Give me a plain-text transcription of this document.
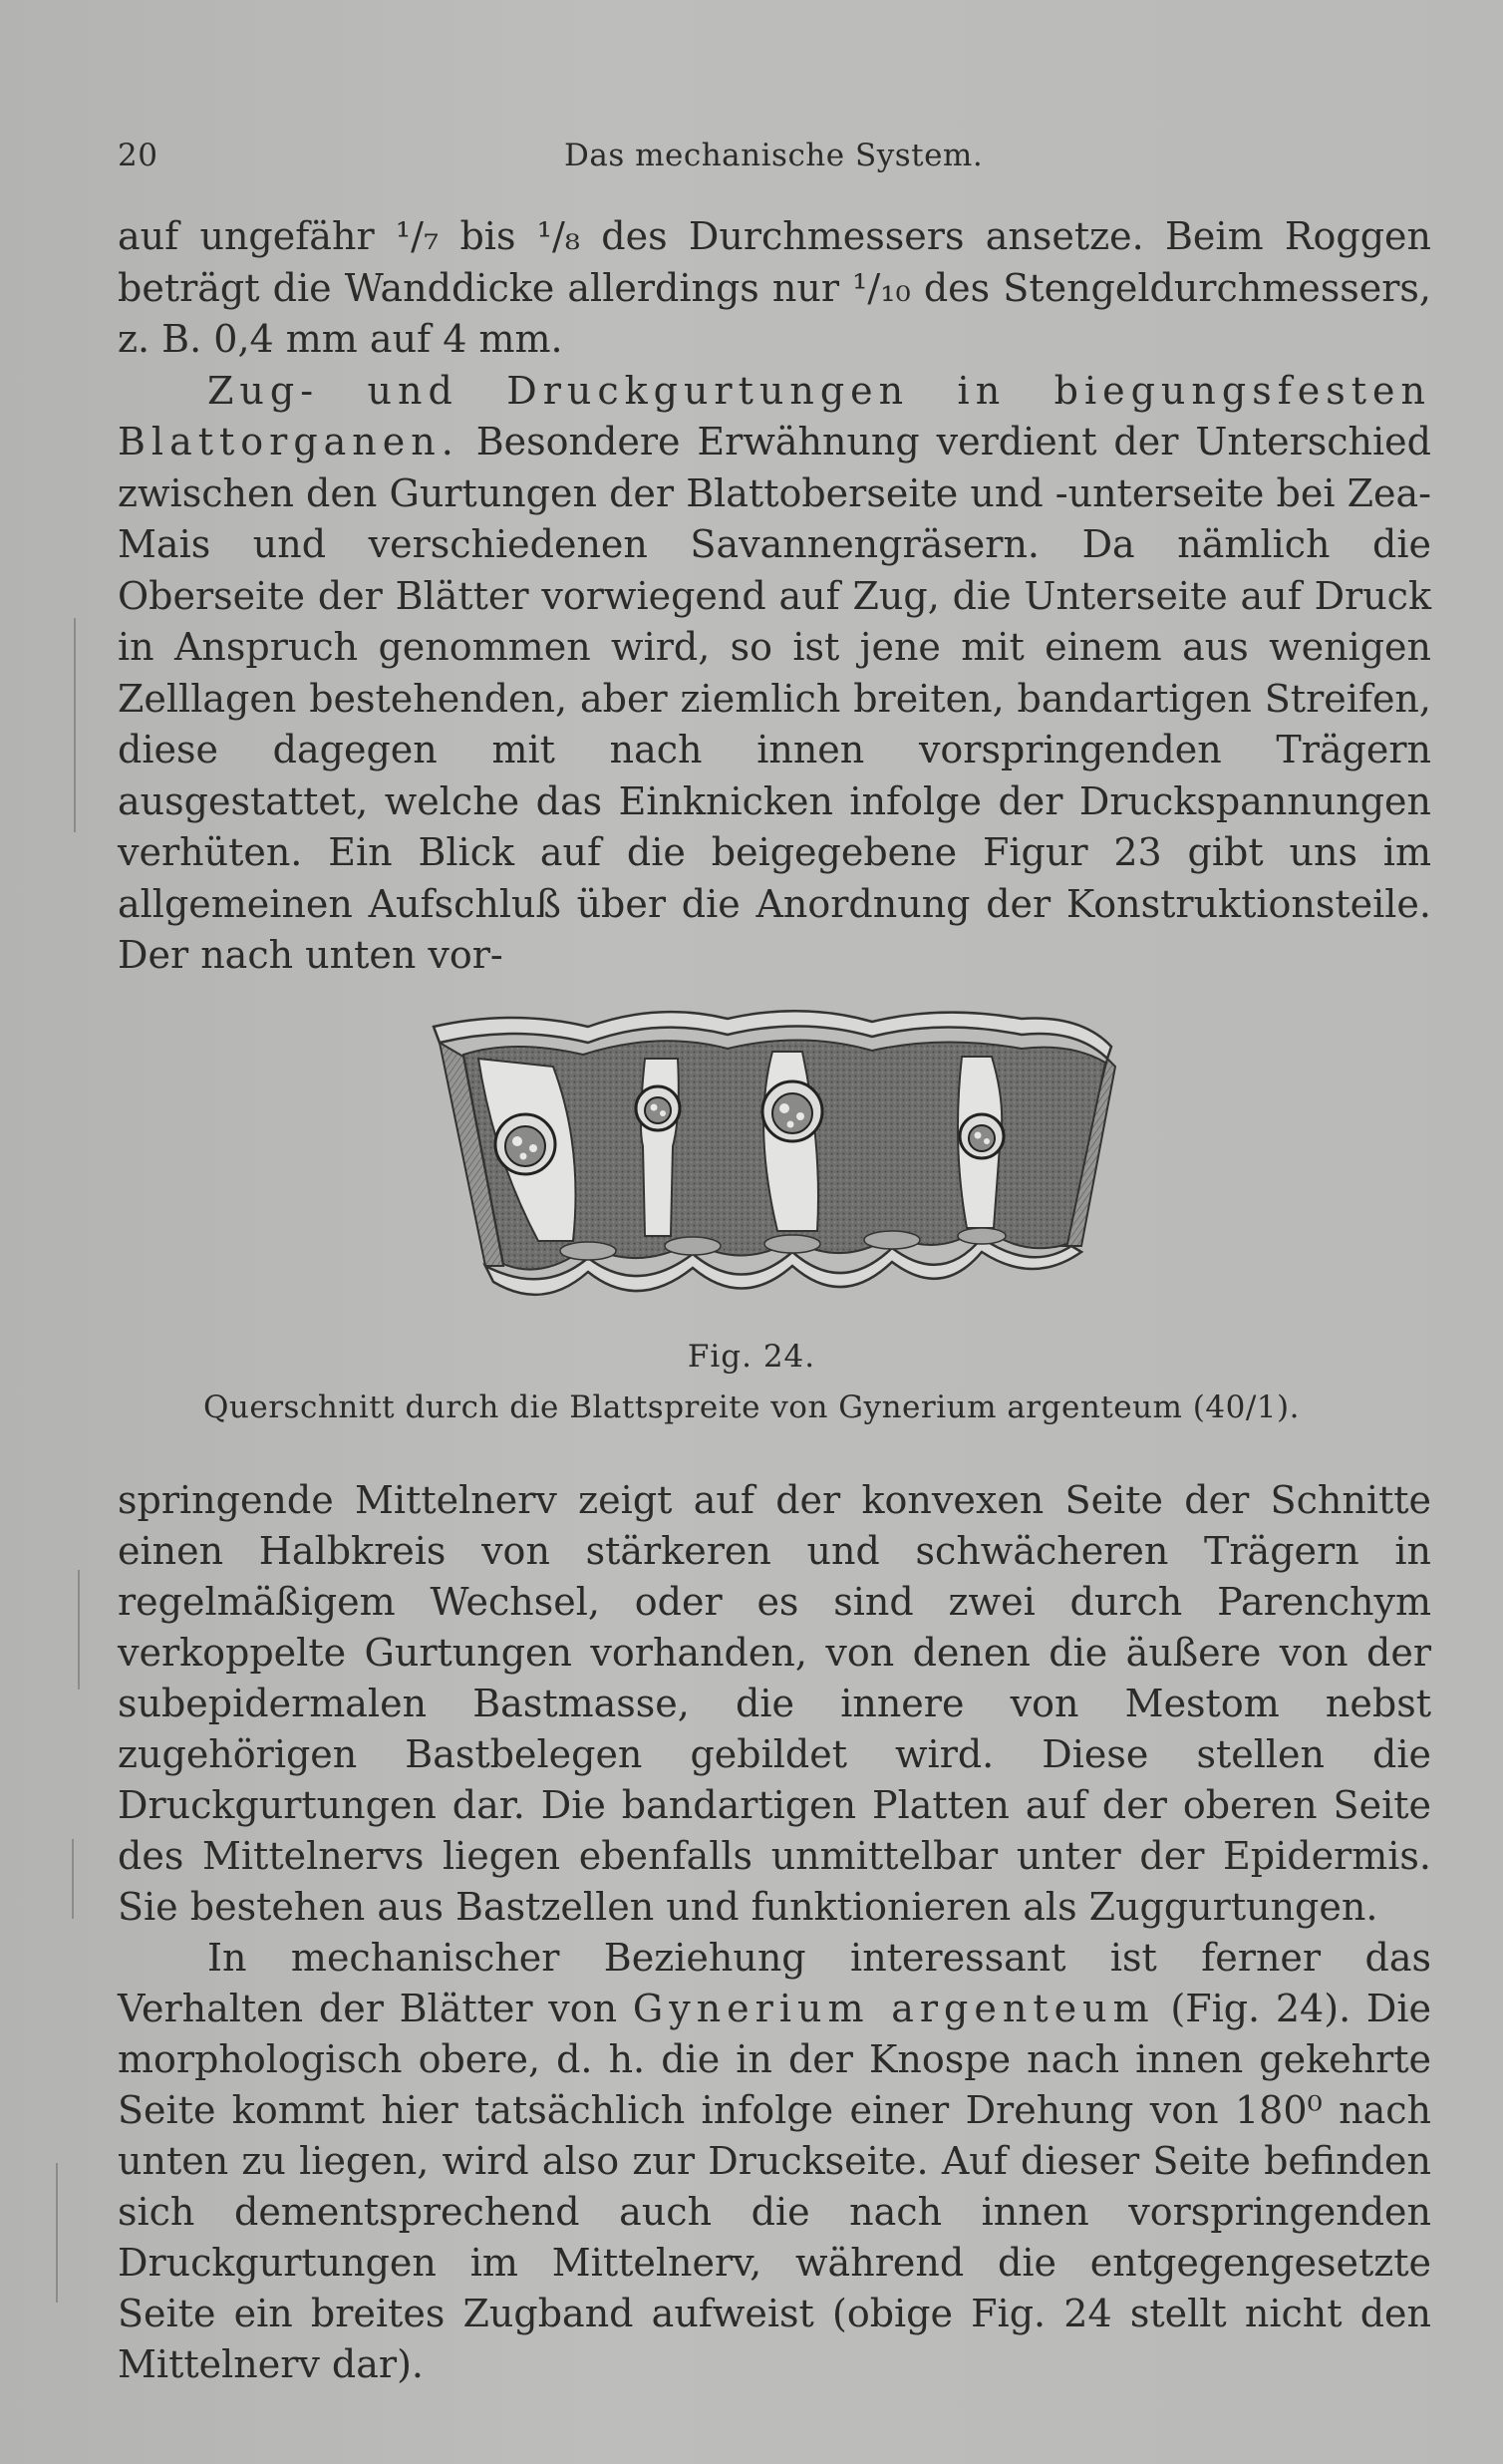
20	Das mechanische System.

auf ungefähr ¹/₇ bis ¹/₈ des Durchmessers ansetze. Beim Roggen beträgt die Wanddicke allerdings nur ¹/₁₀ des Stengeldurchmessers, z. B. 0,4 mm auf 4 mm.

Zug- und Druckgurtungen in biegungsfesten Blattorganen. Besondere Erwähnung verdient der Unterschied zwischen den Gurtungen der Blattoberseite und -unterseite bei Zea-Mais und verschiedenen Savannengräsern. Da nämlich die Oberseite der Blätter vorwiegend auf Zug, die Unterseite auf Druck in Anspruch genommen wird, so ist jene mit einem aus wenigen Zelllagen bestehenden, aber ziemlich breiten, bandartigen Streifen, diese dagegen mit nach innen vorspringenden Trägern ausgestattet, welche das Einknicken infolge der Druckspannungen verhüten. Ein Blick auf die beigegebene Figur 23 gibt uns im allgemeinen Aufschluß über die Anordnung der Konstruktionsteile. Der nach unten vor-

Fig. 24.
Querschnitt durch die Blattspreite von Gynerium argenteum (40/1).

springende Mittelnerv zeigt auf der konvexen Seite der Schnitte einen Halbkreis von stärkeren und schwächeren Trägern in regelmäßigem Wechsel, oder es sind zwei durch Parenchym verkoppelte Gurtungen vorhanden, von denen die äußere von der subepidermalen Bastmasse, die innere von Mestom nebst zugehörigen Bastbelegen gebildet wird. Diese stellen die Druckgurtungen dar. Die bandartigen Platten auf der oberen Seite des Mittelnervs liegen ebenfalls unmittelbar unter der Epidermis. Sie bestehen aus Bastzellen und funktionieren als Zuggurtungen.

In mechanischer Beziehung interessant ist ferner das Verhalten der Blätter von Gynerium argenteum (Fig. 24). Die morphologisch obere, d. h. die in der Knospe nach innen gekehrte Seite kommt hier tatsächlich infolge einer Drehung von 180⁰ nach unten zu liegen, wird also zur Druckseite. Auf dieser Seite befinden sich dementsprechend auch die nach innen vorspringenden Druckgurtungen im Mittelnerv, während die entgegengesetzte Seite ein breites Zugband aufweist (obige Fig. 24 stellt nicht den Mittelnerv dar).
